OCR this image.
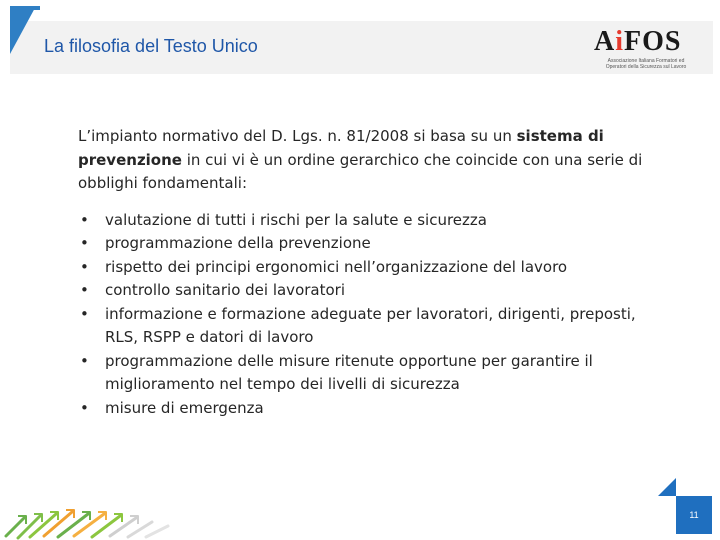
La filosofia del Testo Unico	AiFOS
Associazione Italiana Formatori ed Operatori della Sicurezza sul Lavoro

L’impianto normativo del D. Lgs. n. 81/2008 si basa su un sistema di prevenzione in cui vi è un ordine gerarchico che coincide con una serie di obblighi fondamentali:

• valutazione di tutti i rischi per la salute e sicurezza
• programmazione della prevenzione
• rispetto dei principi ergonomici nell’organizzazione del lavoro
• controllo sanitario dei lavoratori
• informazione e formazione adeguate per lavoratori, dirigenti, preposti, RLS, RSPP e datori di lavoro
• programmazione delle misure ritenute opportune per garantire il miglioramento nel tempo dei livelli di sicurezza
• misure di emergenza
11
